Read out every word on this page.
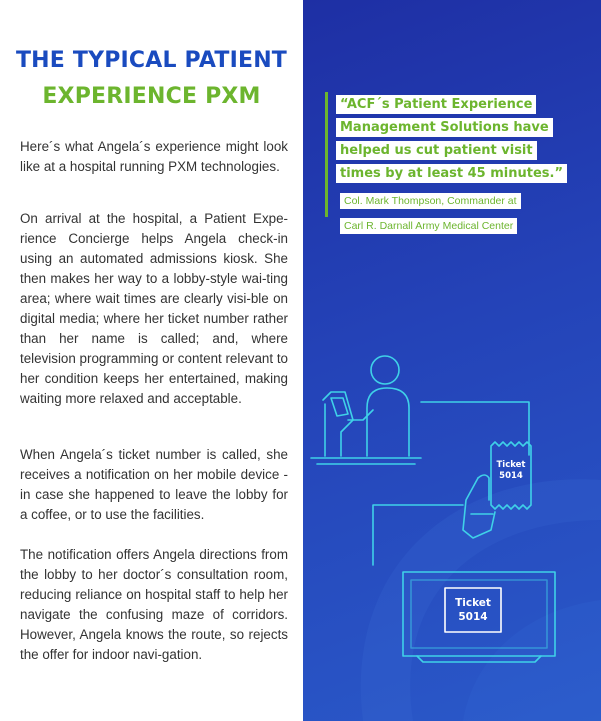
THE TYPICAL PATIENT
EXPERIENCE PXM

Here´s what Angela´s experience might look like at a hospital running PXM technologies.

On arrival at the hospital, a Patient Expe-rience Concierge helps Angela check-in using an automated admissions kiosk. She then makes her way to a lobby-style wai-ting area; where wait times are clearly visi-ble on digital media; where her ticket number rather than her name is called; and, where television programming or content relevant to her condition keeps her entertained, making waiting more relaxed and acceptable.

When Angela´s ticket number is called, she receives a notification on her mobile device - in case she happened to leave the lobby for a coffee, or to use the facilities.

The notification offers Angela directions from the lobby to her doctor´s consultation room, reducing reliance on hospital staff to help her navigate the confusing maze of corridors. However, Angela knows the route, so rejects the offer for indoor navi-gation.

“ACF´s Patient Experience
Management Solutions have
helped us cut patient visit
times by at least 45 minutes.”
Col. Mark Thompson, Commander at
Carl R. Darnall Army Medical Center
Ticket
5014
Ticket
5014
